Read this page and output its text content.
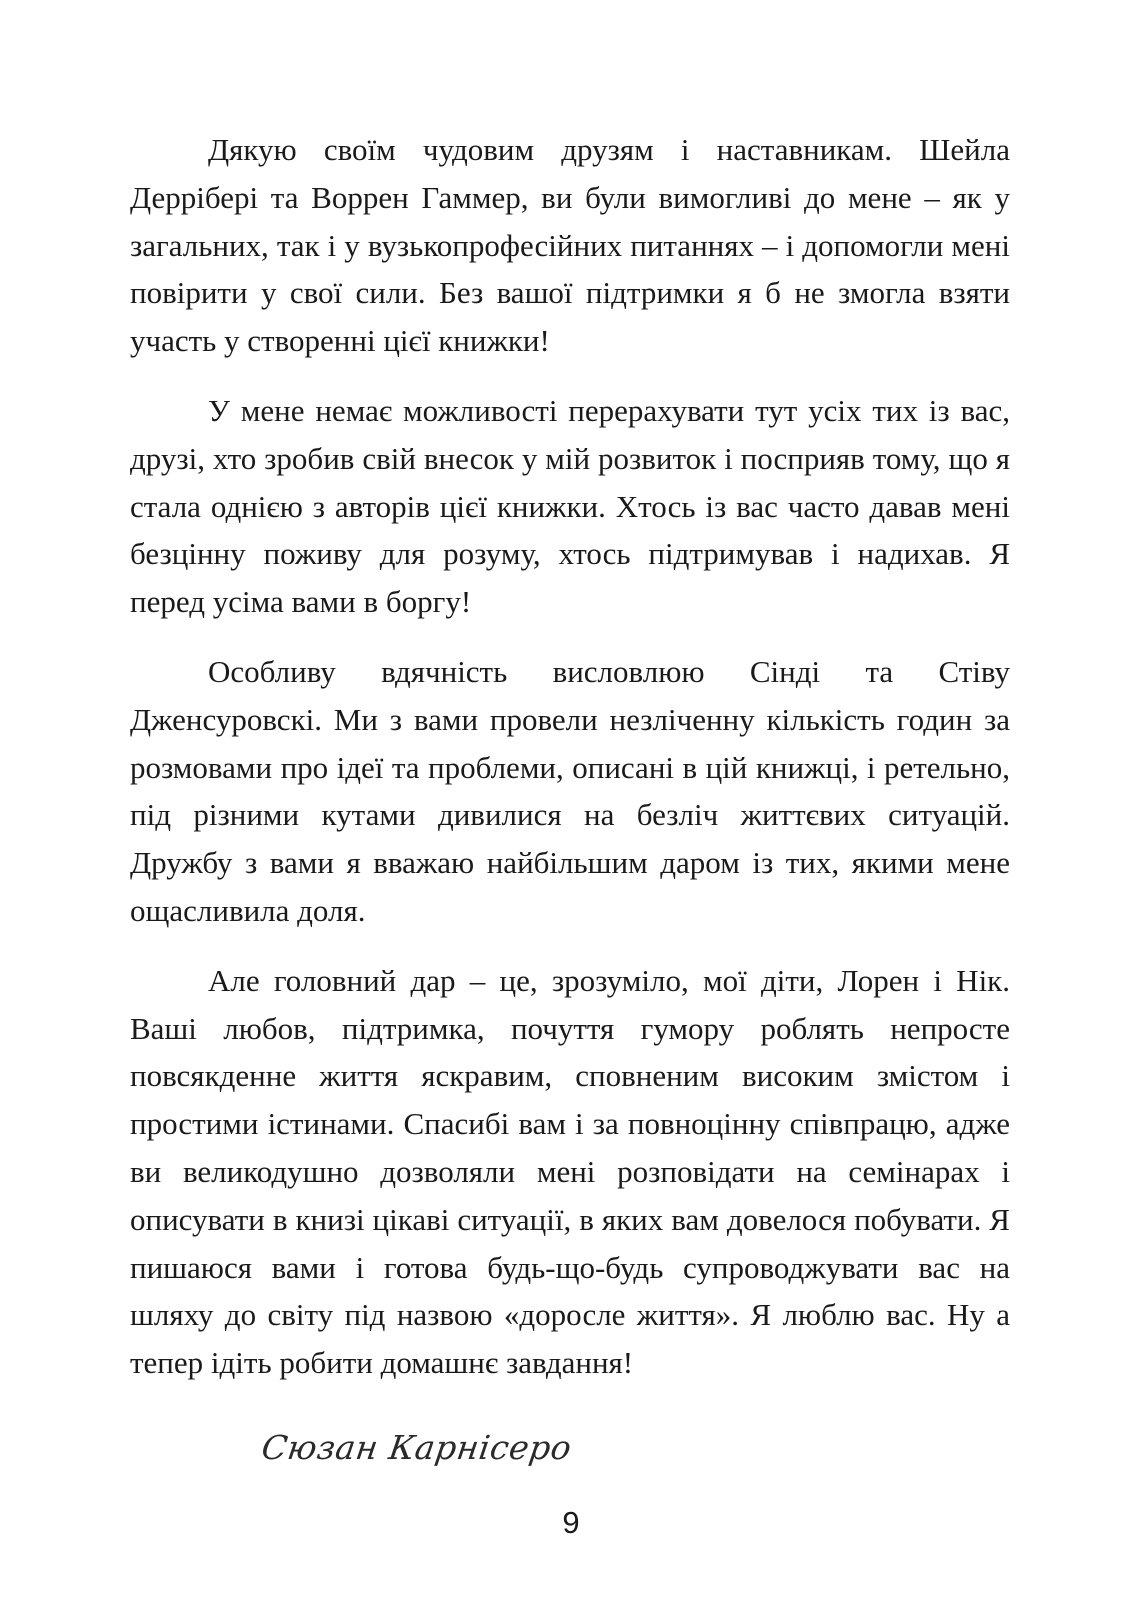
Дякую своїм чудовим друзям і наставникам. Шейла Деррібері та Воррен Гаммер, ви були вимогливі до мене – як у загальних, так і у вузькопрофесійних питаннях – і допомогли мені повірити у свої сили. Без вашої підтримки я б не змогла взяти участь у створенні цієї книжки!

У мене немає можливості перерахувати тут усіх тих із вас, друзі, хто зробив свій внесок у мій розвиток і посприяв тому, що я стала однією з авторів цієї книжки. Хтось із вас часто давав мені безцінну поживу для розуму, хтось підтримував і надихав. Я перед усіма вами в боргу!

Особливу вдячність висловлюю Сінді та Стіву Дженсуровскі. Ми з вами провели незліченну кількість годин за розмовами про ідеї та проблеми, описані в цій книжці, і ретельно, під різними кутами дивилися на безліч життєвих ситуацій. Дружбу з вами я вважаю найбільшим даром із тих, якими мене ощасливила доля.

Але головний дар – це, зрозуміло, мої діти, Лорен і Нік. Ваші любов, підтримка, почуття гумору роблять непросте повсякденне життя яскравим, сповненим високим змістом і простими істинами. Спасибі вам і за повноцінну співпрацю, адже ви великодушно дозволяли мені розповідати на семінарах і описувати в книзі цікаві ситуації, в яких вам довелося побувати. Я пишаюся вами і готова будь-що-будь супроводжувати вас на шляху до світу під назвою «доросле життя». Я люблю вас. Ну а тепер ідіть робити домашнє завдання!

Сюзан Карнісеро
9
